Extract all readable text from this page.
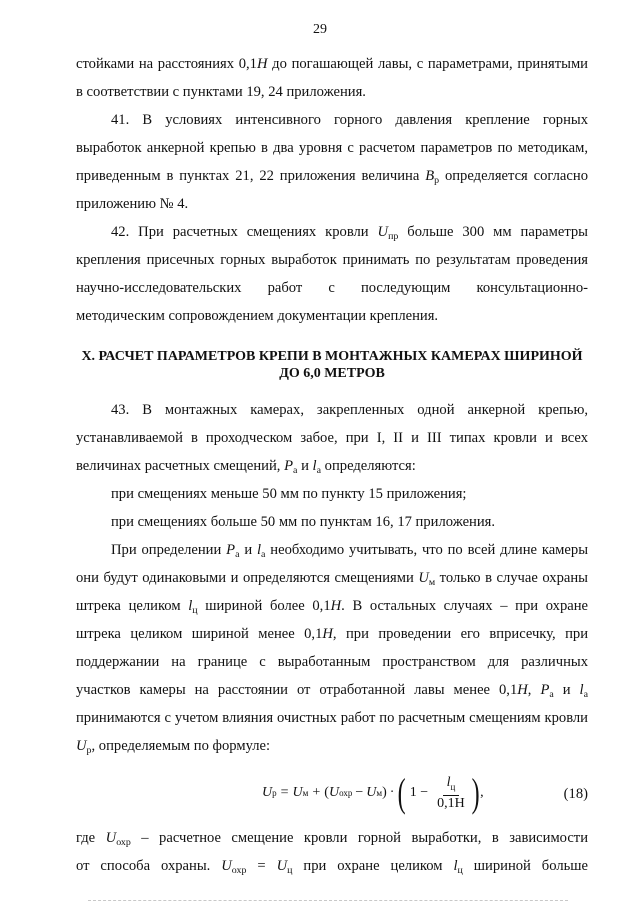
29

стойками на расстояниях 0,1H до погашающей лавы, с параметрами, принятыми

в соответствии с пунктами 19, 24 приложения.

41. В условиях интенсивного горного давления крепление горных

выработок анкерной крепью в два уровня с расчетом параметров по методикам,

приведенным в пунктах 21, 22 приложения величина $B_р$ определяется согласно

приложению № 4.

42. При расчетных смещениях кровли $U_{пр}$ больше 300 мм параметры

крепления присечных горных выработок принимать по результатам проведения

научно-исследовательских работ с последующим консультационно-

методическим сопровождением документации крепления.

X. РАСЧЕТ ПАРАМЕТРОВ КРЕПИ В МОНТАЖНЫХ КАМЕРАХ ШИРИНОЙ
ДО 6,0 МЕТРОВ

43. В монтажных камерах, закрепленных одной анкерной крепью,

устанавливаемой в проходческом забое, при I, II и III типах кровли и всех

величинах расчетных смещений, $P_а$ и $l_а$ определяются:

при смещениях меньше 50 мм по пункту 15 приложения;

при смещениях больше 50 мм по пунктам 16, 17 приложения.

При определении $P_а$ и $l_а$ необходимо учитывать, что по всей длине камеры

они будут одинаковыми и определяются смещениями $U_м$ только в случае охраны

штрека целиком $l_ц$ шириной более 0,1H. В остальных случаях – при охране

штрека целиком шириной менее 0,1H, при проведении его вприсечку, при

поддержании на границе с выработанным пространством для различных

участков камеры на расстоянии от отработанной лавы менее 0,1H, $P_а$ и $l_а$

принимаются с учетом влияния очистных работ по расчетным смещениям кровли

$U_р$, определяемым по формуле:

U р = U м + ( U охр − U м ) · ( $1 - \frac{l_ц}{0,1H}$ ) ,	(18)

где $U_{охр}$ – расчетное смещение кровли горной выработки, в зависимости

от способа охраны. $U_{охр} = U_ц$ при охране целиком $l_ц$ шириной больше
